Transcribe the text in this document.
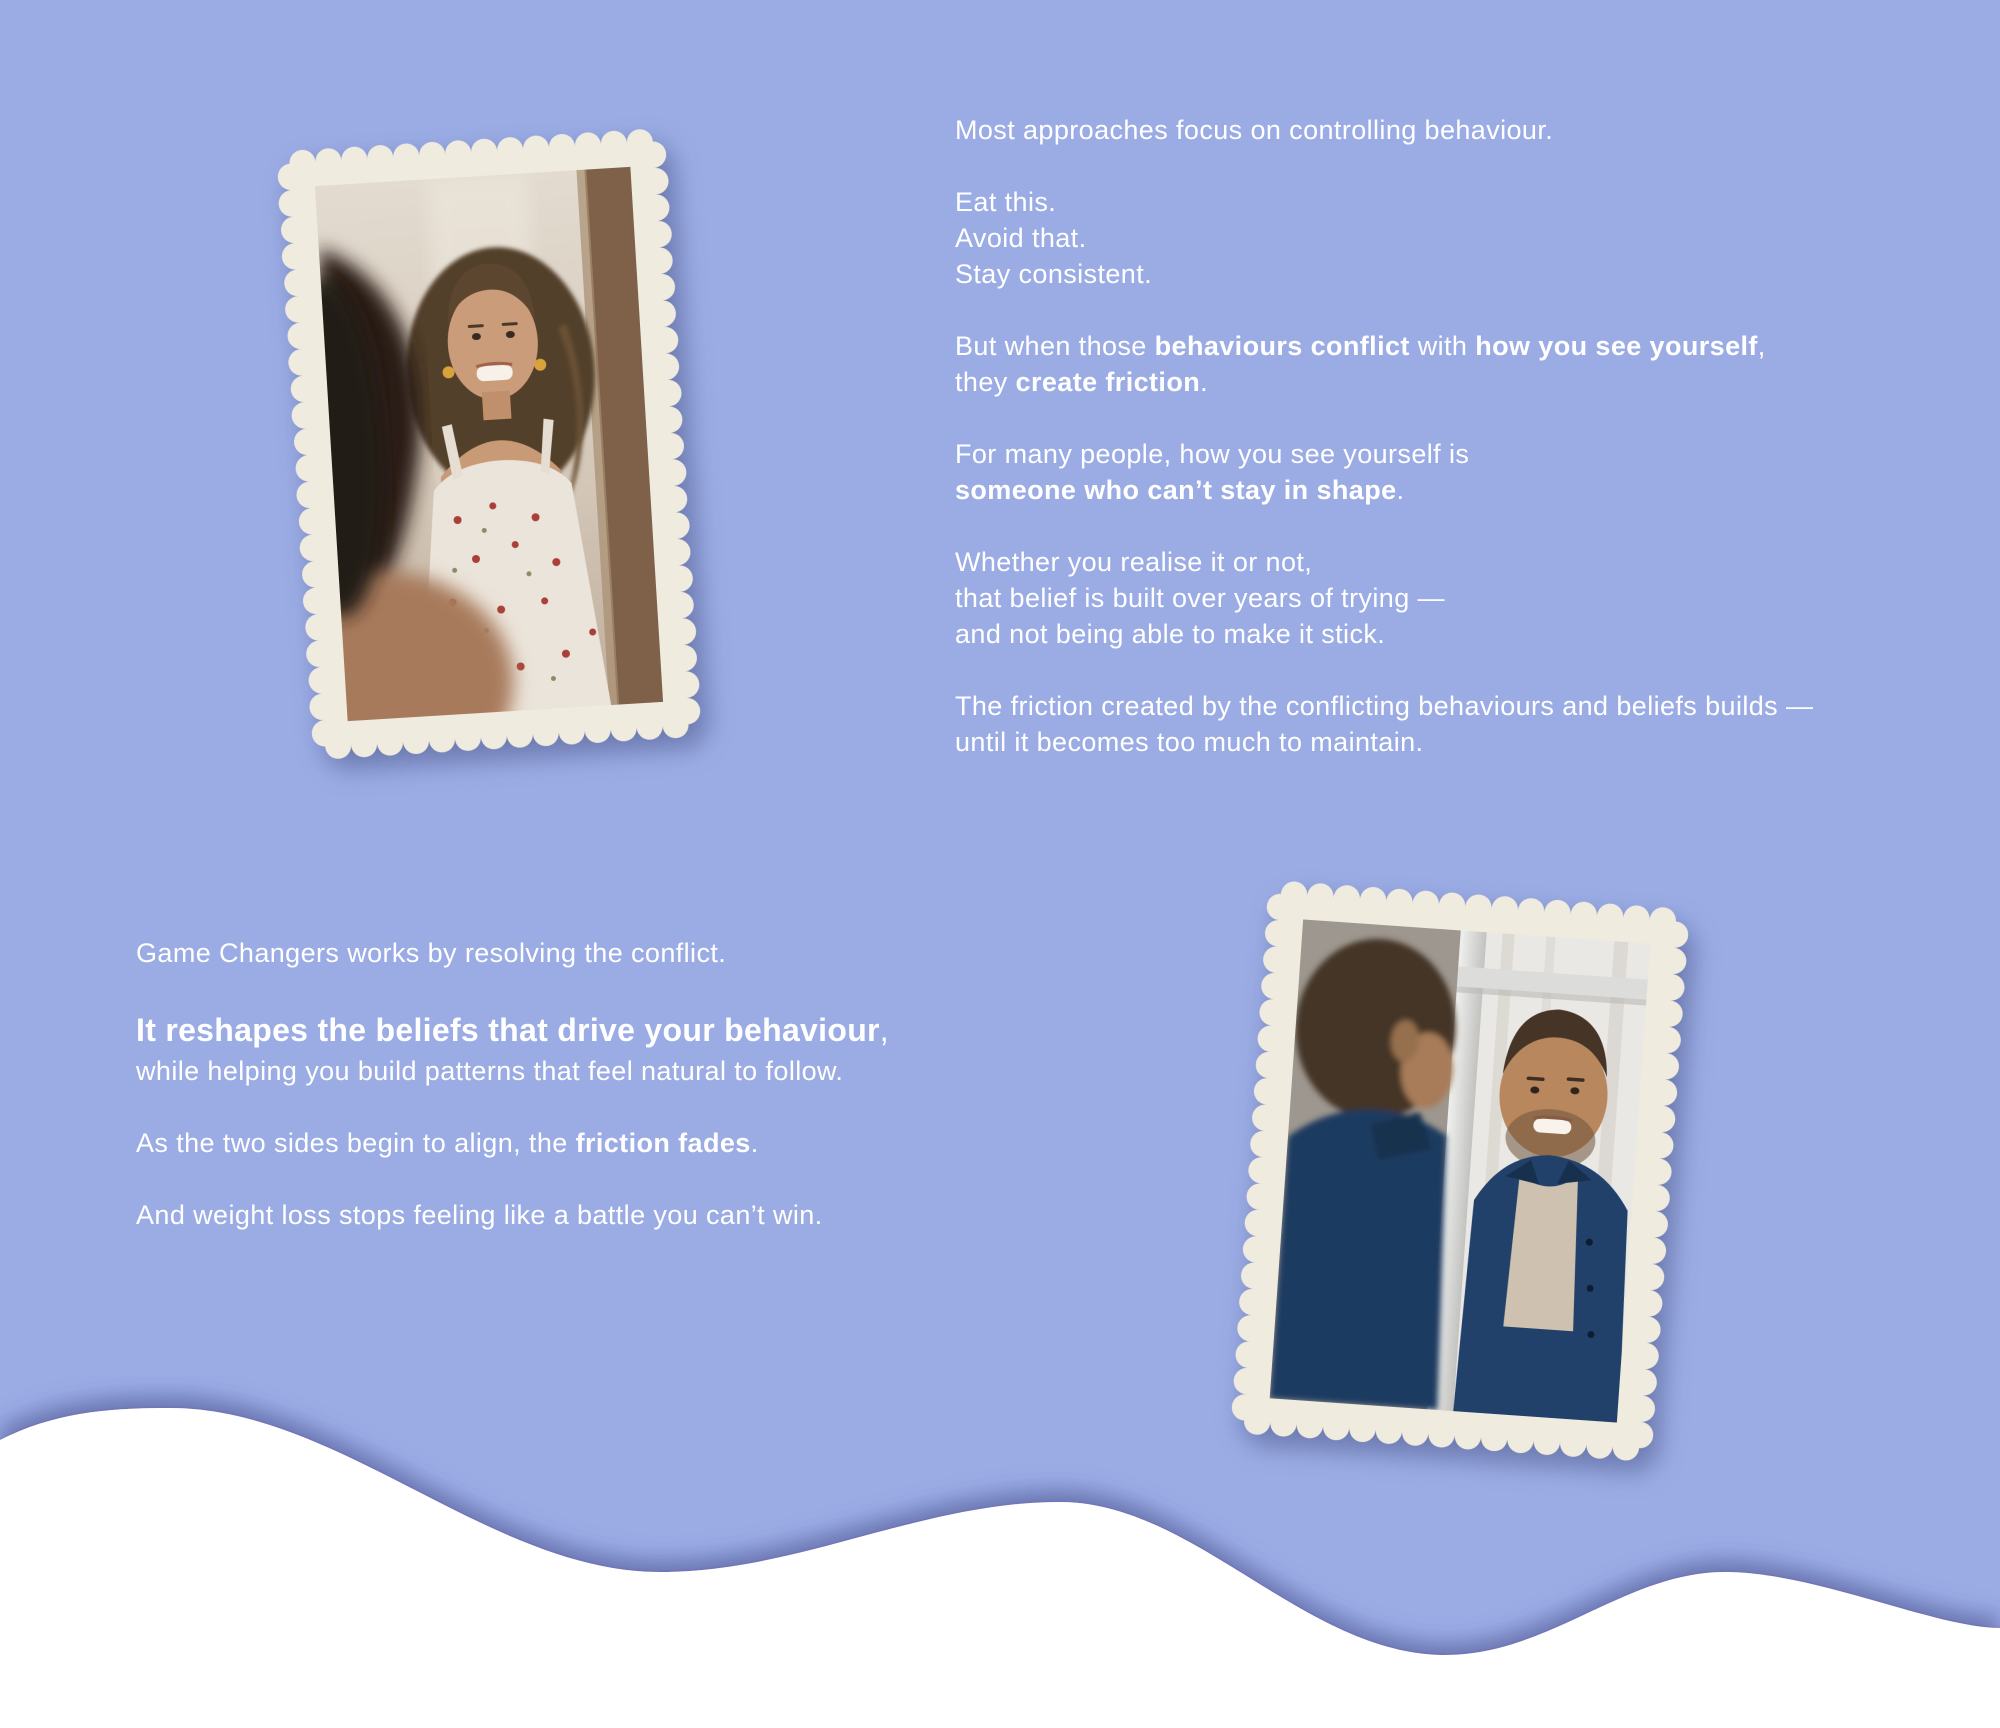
Most approaches focus on controlling behaviour.
Eat this.
Avoid that.
Stay consistent.
But when those behaviours conflict with how you see yourself,
they create friction.
For many people, how you see yourself is
someone who can’t stay in shape.
Whether you realise it or not,
that belief is built over years of trying —
and not being able to make it stick.
The friction created by the conflicting behaviours and beliefs builds —
until it becomes too much to maintain.
Game Changers works by resolving the conflict.
It reshapes the beliefs that drive your behaviour,
while helping you build patterns that feel natural to follow.
As the two sides begin to align, the friction fades.
And weight loss stops feeling like a battle you can’t win.
